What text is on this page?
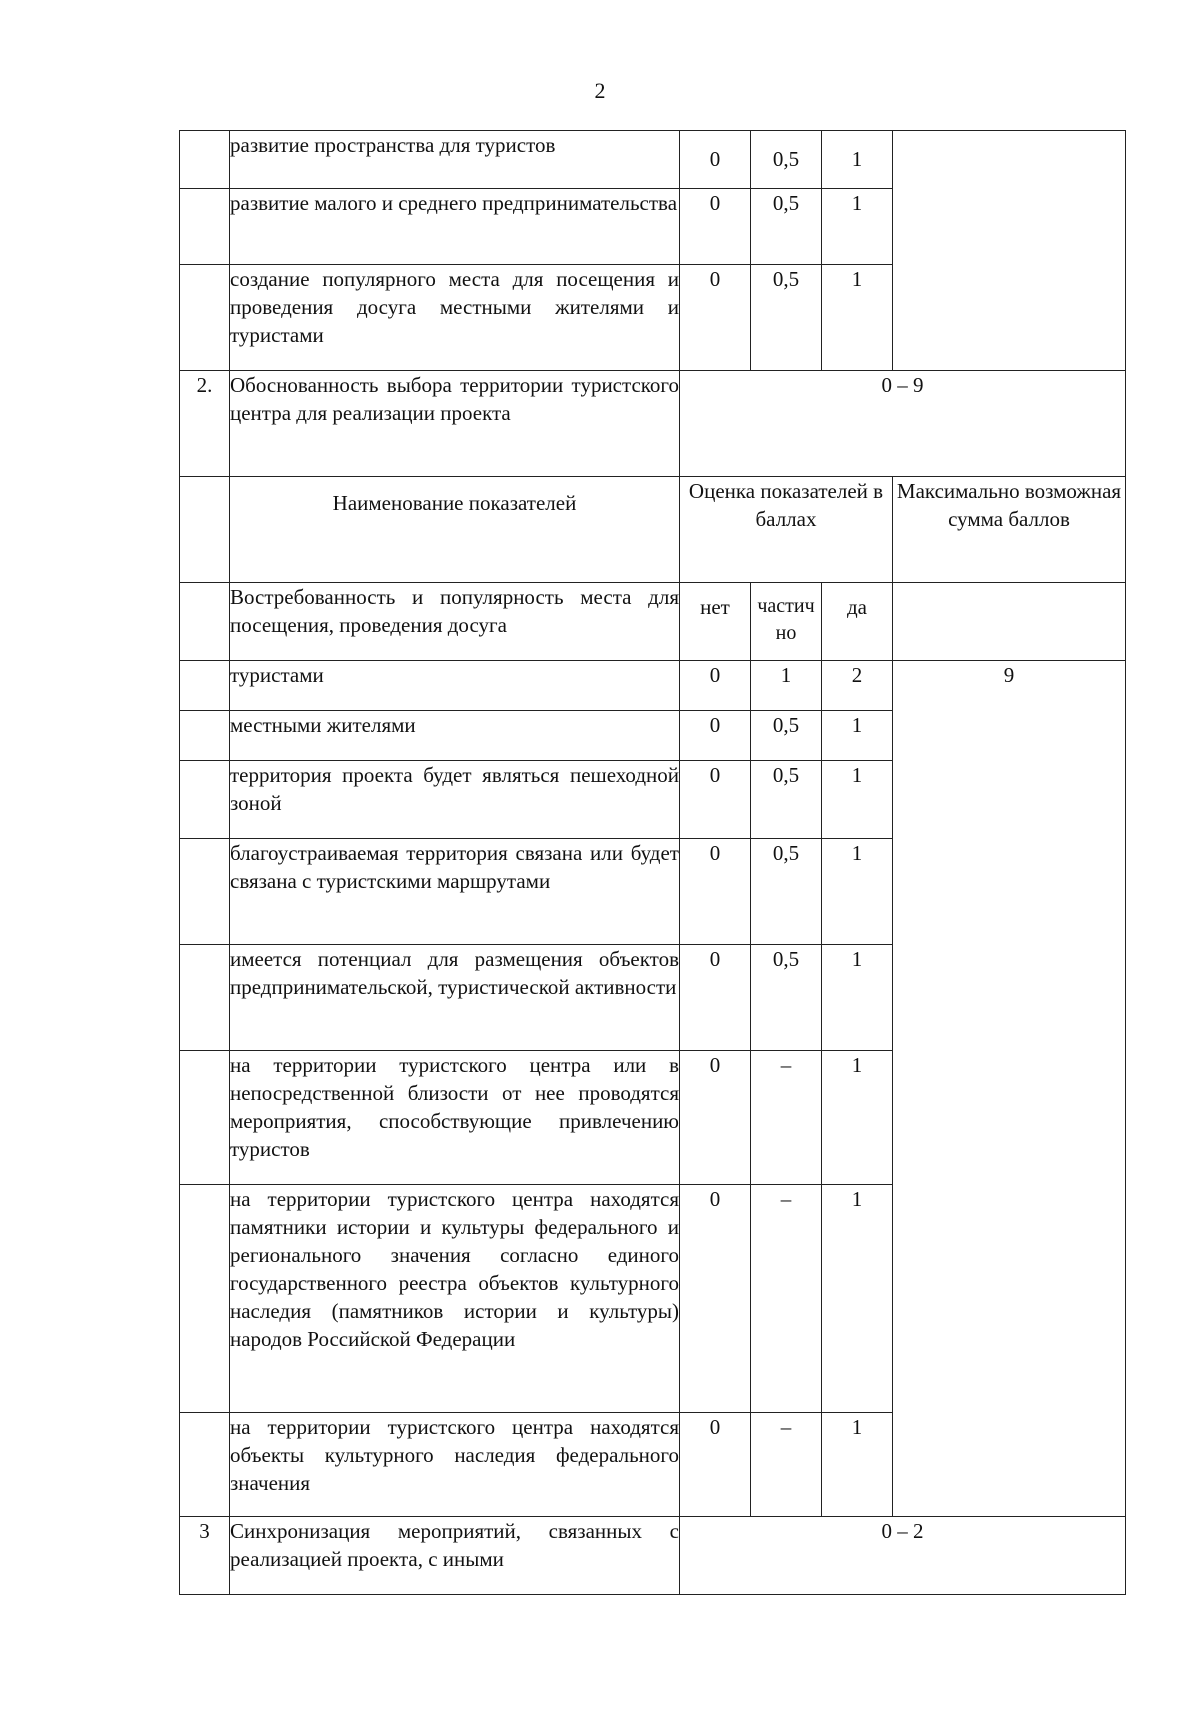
2
	развитие пространства для туристов	0	0,5	1	
	развитие малого и среднего предпринимательства	0	0,5	1	
	создание популярного места для посещения и проведения досуга местными жителями и туристами	0	0,5	1	
2.	Обоснованность выбора территории туристского центра для реализации проекта	0 – 9			
	Наименование показателей	Оценка показателей в баллах			Максимально возможная сумма баллов
	Востребованность и популярность места для посещения, проведения досуга	нет	частично	да	
	туристами	0	1	2	9
	местными жителями	0	0,5	1	
	территория проекта будет являться пешеходной зоной	0	0,5	1	
	благоустраиваемая территория связана или будет связана с туристскими маршрутами	0	0,5	1	
	имеется потенциал для размещения объектов предпринимательской, туристической активности	0	0,5	1	
	на территории туристского центра или в непосредственной близости от нее проводятся мероприятия, способствующие привлечению туристов	0	–	1	
	на территории туристского центра находятся памятники истории и культуры федерального и регионального значения согласно единого государственного реестра объектов культурного наследия (памятников истории и культуры) народов Российской Федерации	0	–	1	
	на территории туристского центра находятся объекты культурного наследия федерального значения	0	–	1	
3	Синхронизация мероприятий, связанных с реализацией проекта, с иными	0 – 2			
